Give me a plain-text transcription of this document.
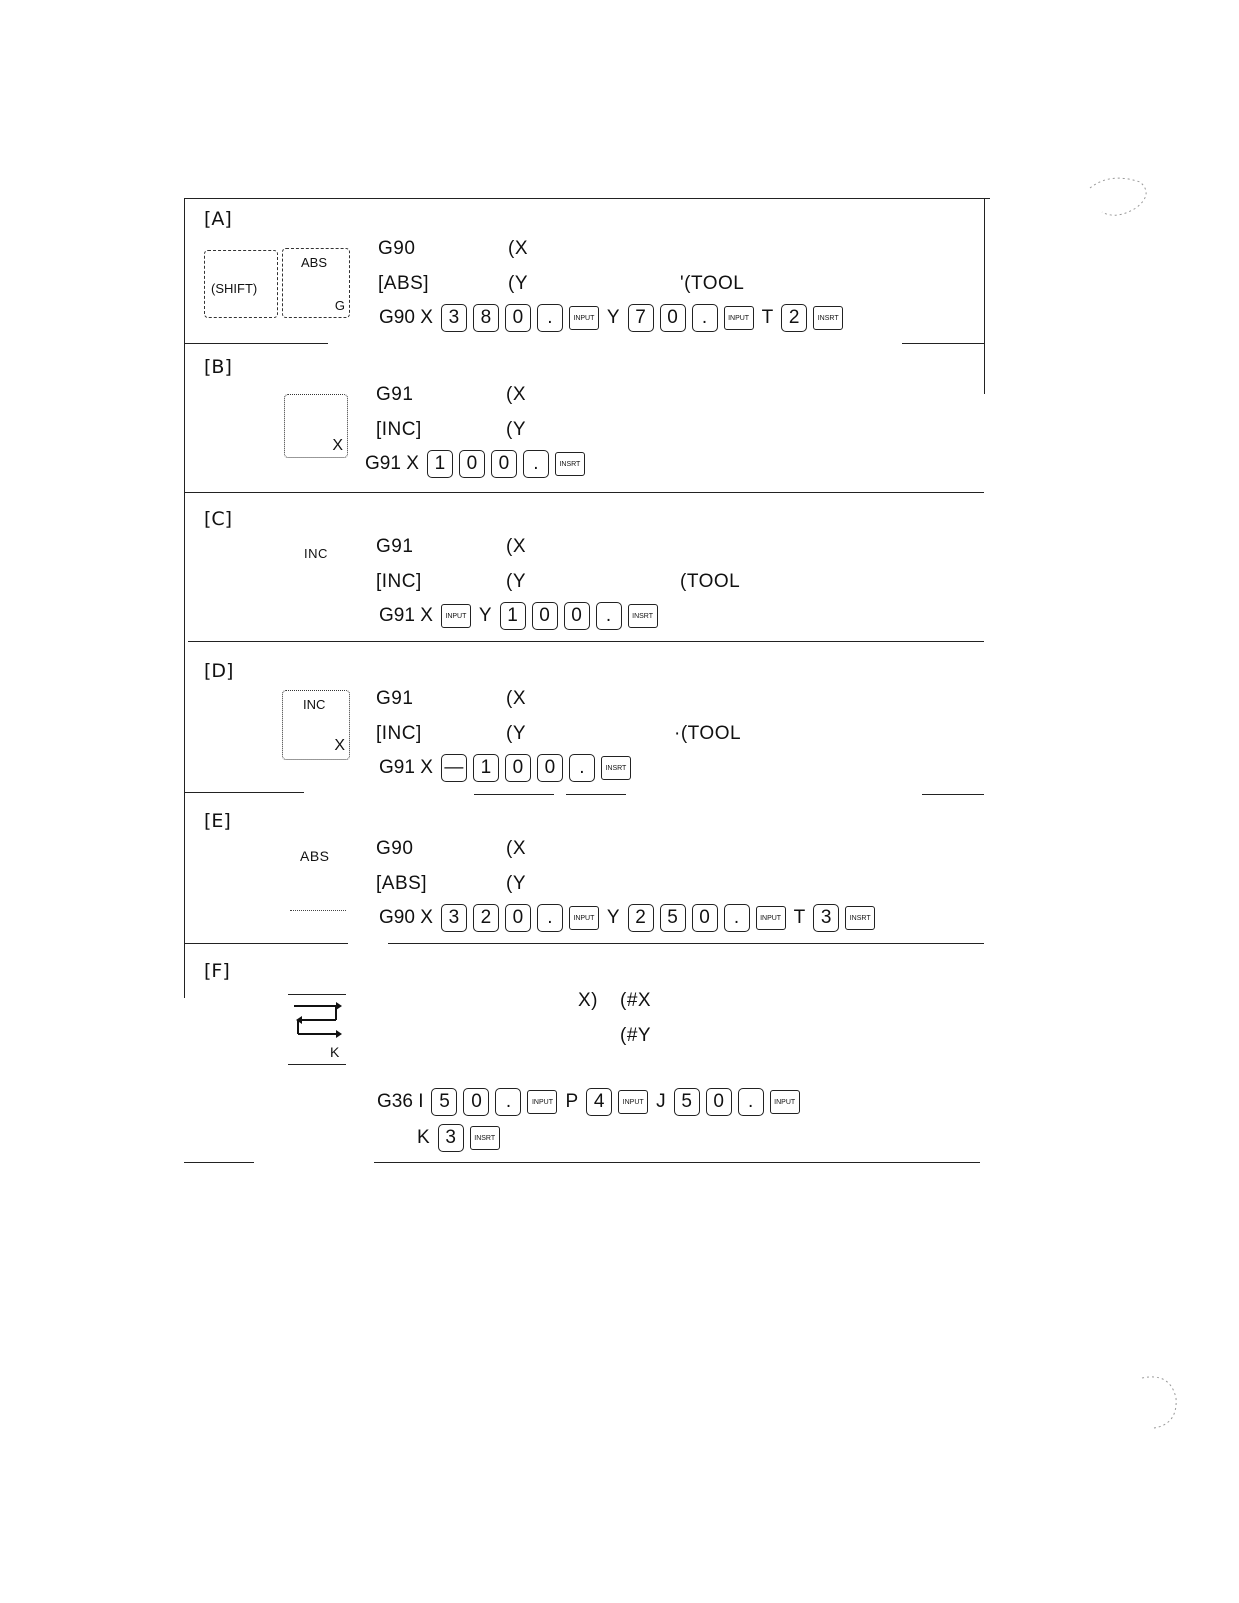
[A]
(SHIFT)
ABS
G
G90	(X
[ABS]	(Y	'(TOOL
G90 X 3	8	0	.	INPUT Y 7	0	.	INPUT T 2	INSRT
[B]
X
G91	(X
[INC]	(Y
G91 X 1	0	0	.	INSRT
[C]
INC	G91	(X
[INC]	(Y	(TOOL
G91 X	INPUT Y 1	0	0	.	INSRT
[D]
INC
X
G91	(X
[INC]	(Y	·(TOOL
G91 X — 1	0	0	.	INSRT
[E]
ABS G90	(X
[ABS]	(Y
G90 X 3	2	0	.	INPUT Y 2	5	0	.	INPUT T 3	INSRT
[F]
K
X) (#X
(#Y
G36 I 5	0	.	INPUT P 4	INPUT J 5	0	.	INPUT
K 3	INSRT
